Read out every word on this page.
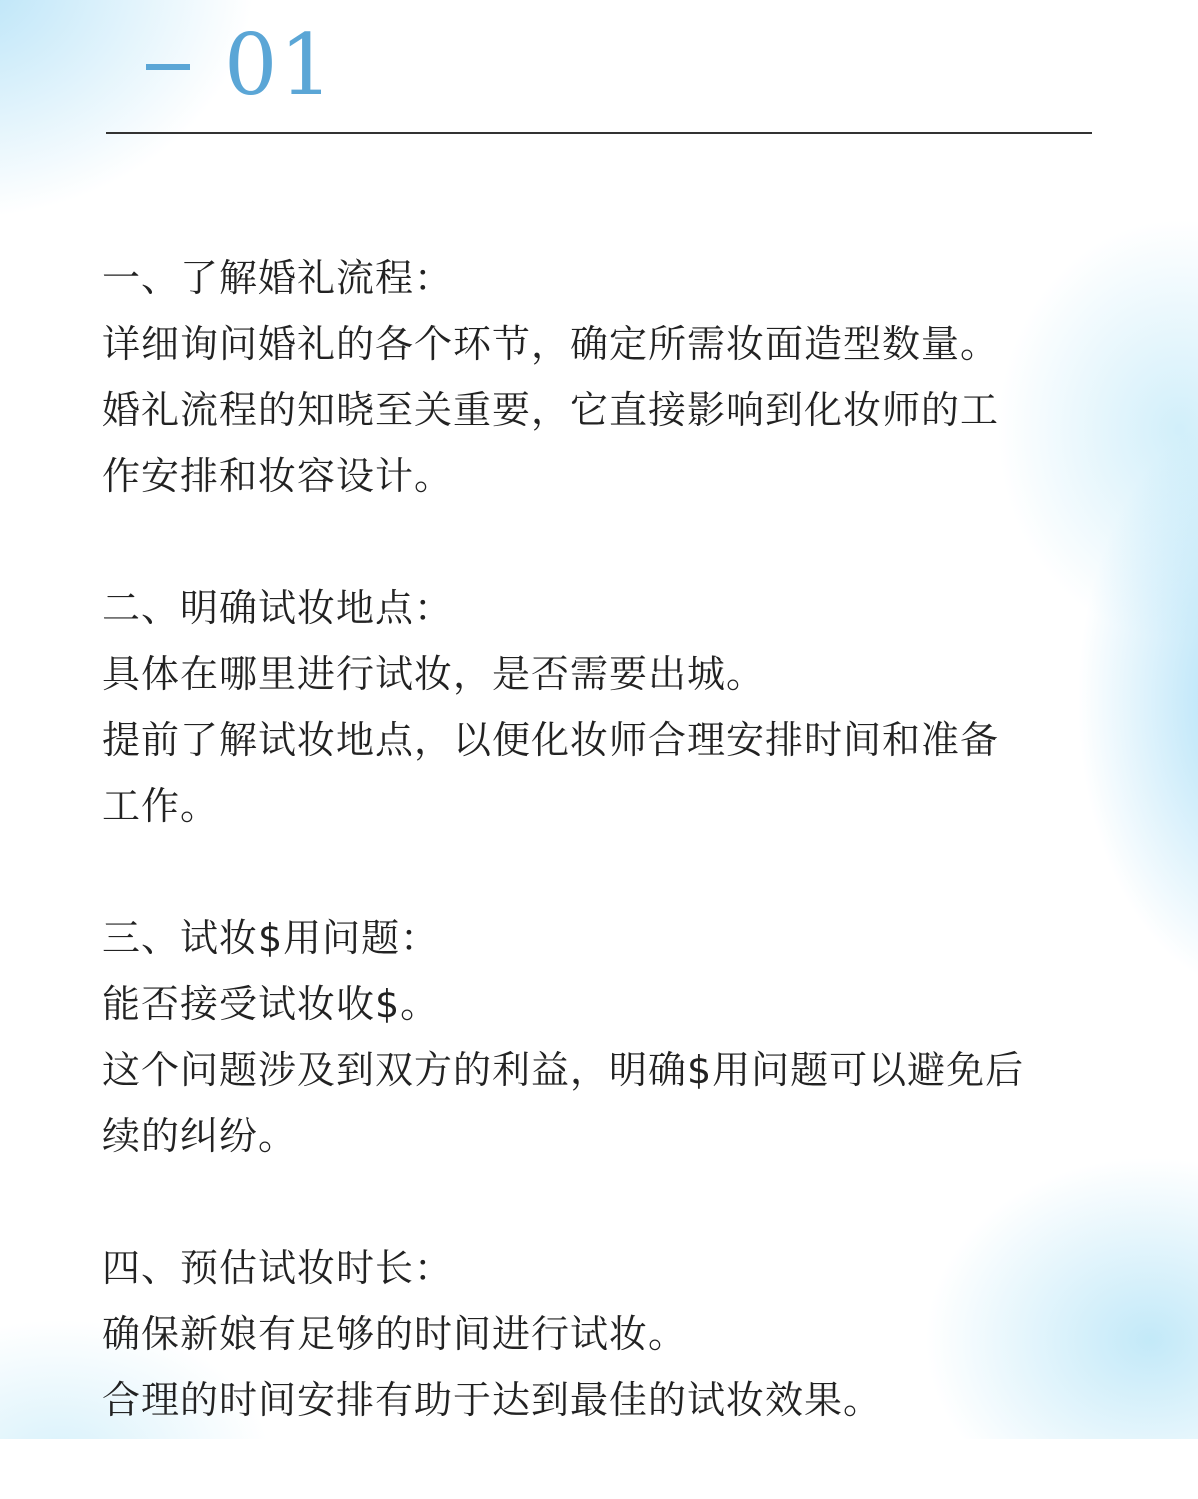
01
一、了解婚礼流程：
详细询问婚礼的各个环节，确定所需妆面造型数量。
婚礼流程的知晓至关重要，它直接影响到化妆师的工
作安排和妆容设计。
二、明确试妆地点：
具体在哪里进行试妆，是否需要出城。
提前了解试妆地点，以便化妆师合理安排时间和准备
工作。
三、试妆$用问题：
能否接受试妆收$。
这个问题涉及到双方的利益，明确$用问题可以避免后
续的纠纷。
四、预估试妆时长：
确保新娘有足够的时间进行试妆。
合理的时间安排有助于达到最佳的试妆效果。
